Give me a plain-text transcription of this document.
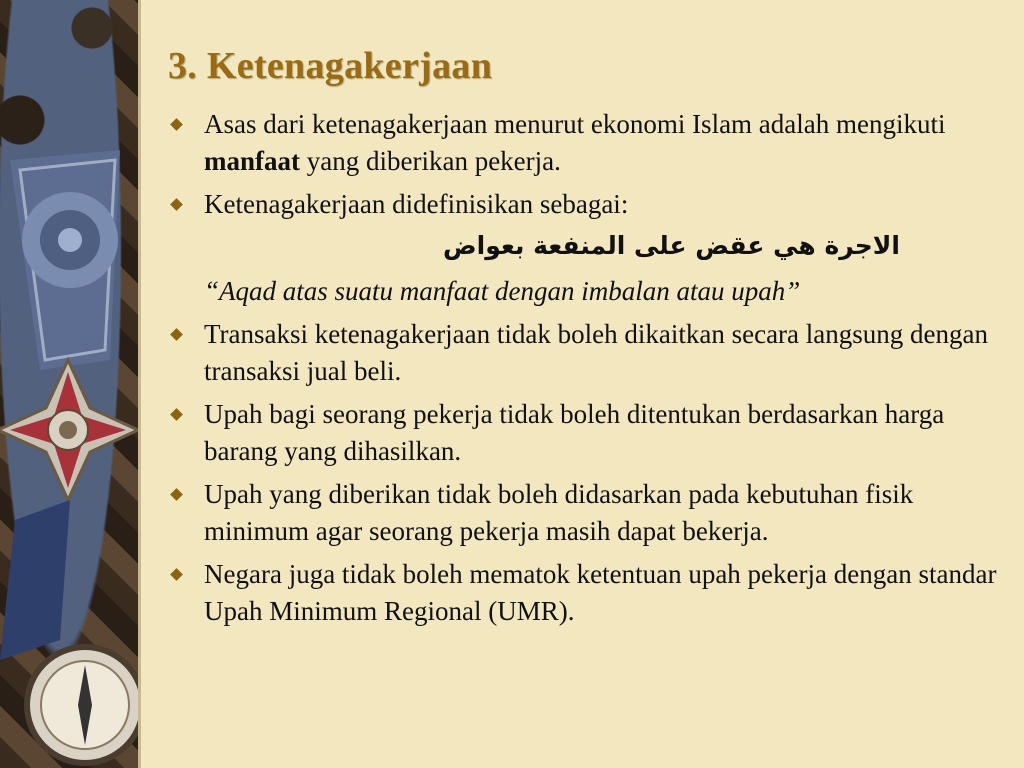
3. Ketenagakerjaan
Asas dari ketenagakerjaan menurut ekonomi Islam adalah mengikuti manfaat yang diberikan pekerja.
Ketenagakerjaan didefinisikan sebagai:
الاجرة هي عقض على المنفعة بعواض
“Aqad atas suatu manfaat dengan imbalan atau upah”
Transaksi ketenagakerjaan tidak boleh dikaitkan secara langsung dengan transaksi jual beli.
Upah bagi seorang pekerja tidak boleh ditentukan berdasarkan harga barang yang dihasilkan.
Upah yang diberikan tidak boleh didasarkan pada kebutuhan fisik minimum agar seorang pekerja masih dapat bekerja.
Negara juga tidak boleh mematok ketentuan upah pekerja dengan standar Upah Minimum Regional (UMR).
